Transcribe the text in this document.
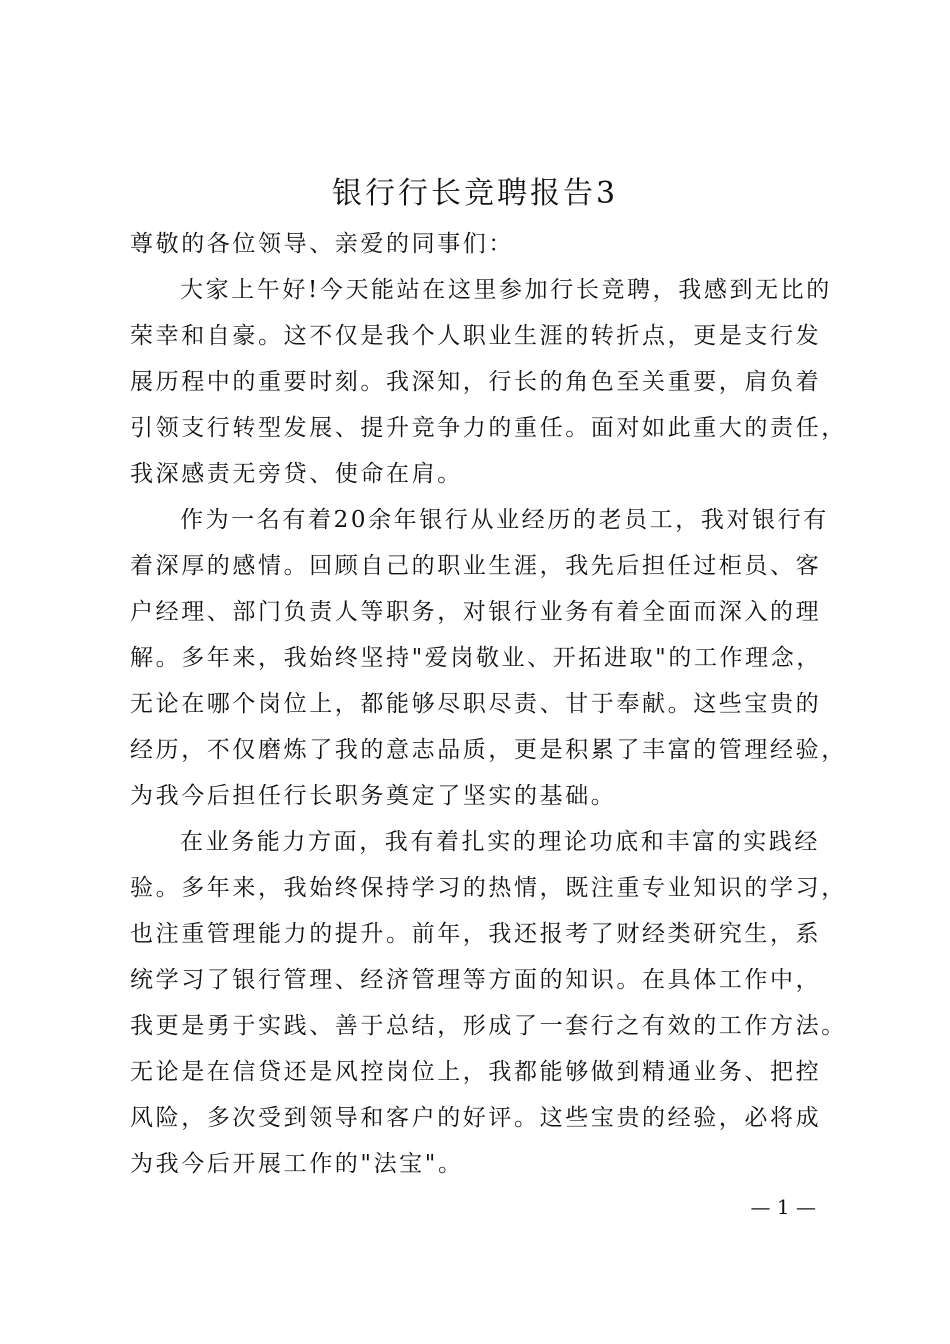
银行行长竞聘报告3
尊敬的各位领导、亲爱的同事们：
大家上午好!今天能站在这里参加行长竞聘，我感到无比的
荣幸和自豪。这不仅是我个人职业生涯的转折点，更是支行发
展历程中的重要时刻。我深知，行长的角色至关重要，肩负着
引领支行转型发展、提升竞争力的重任。面对如此重大的责任，
我深感责无旁贷、使命在肩。
作为一名有着20余年银行从业经历的老员工，我对银行有
着深厚的感情。回顾自己的职业生涯，我先后担任过柜员、客
户经理、部门负责人等职务，对银行业务有着全面而深入的理
解。多年来，我始终坚持"爱岗敬业、开拓进取"的工作理念，
无论在哪个岗位上，都能够尽职尽责、甘于奉献。这些宝贵的
经历，不仅磨炼了我的意志品质，更是积累了丰富的管理经验，
为我今后担任行长职务奠定了坚实的基础。
在业务能力方面，我有着扎实的理论功底和丰富的实践经
验。多年来，我始终保持学习的热情，既注重专业知识的学习，
也注重管理能力的提升。前年，我还报考了财经类研究生，系
统学习了银行管理、经济管理等方面的知识。在具体工作中，
我更是勇于实践、善于总结，形成了一套行之有效的工作方法。
无论是在信贷还是风控岗位上，我都能够做到精通业务、把控
风险，多次受到领导和客户的好评。这些宝贵的经验，必将成
为我今后开展工作的"法宝"。
— 1 —
